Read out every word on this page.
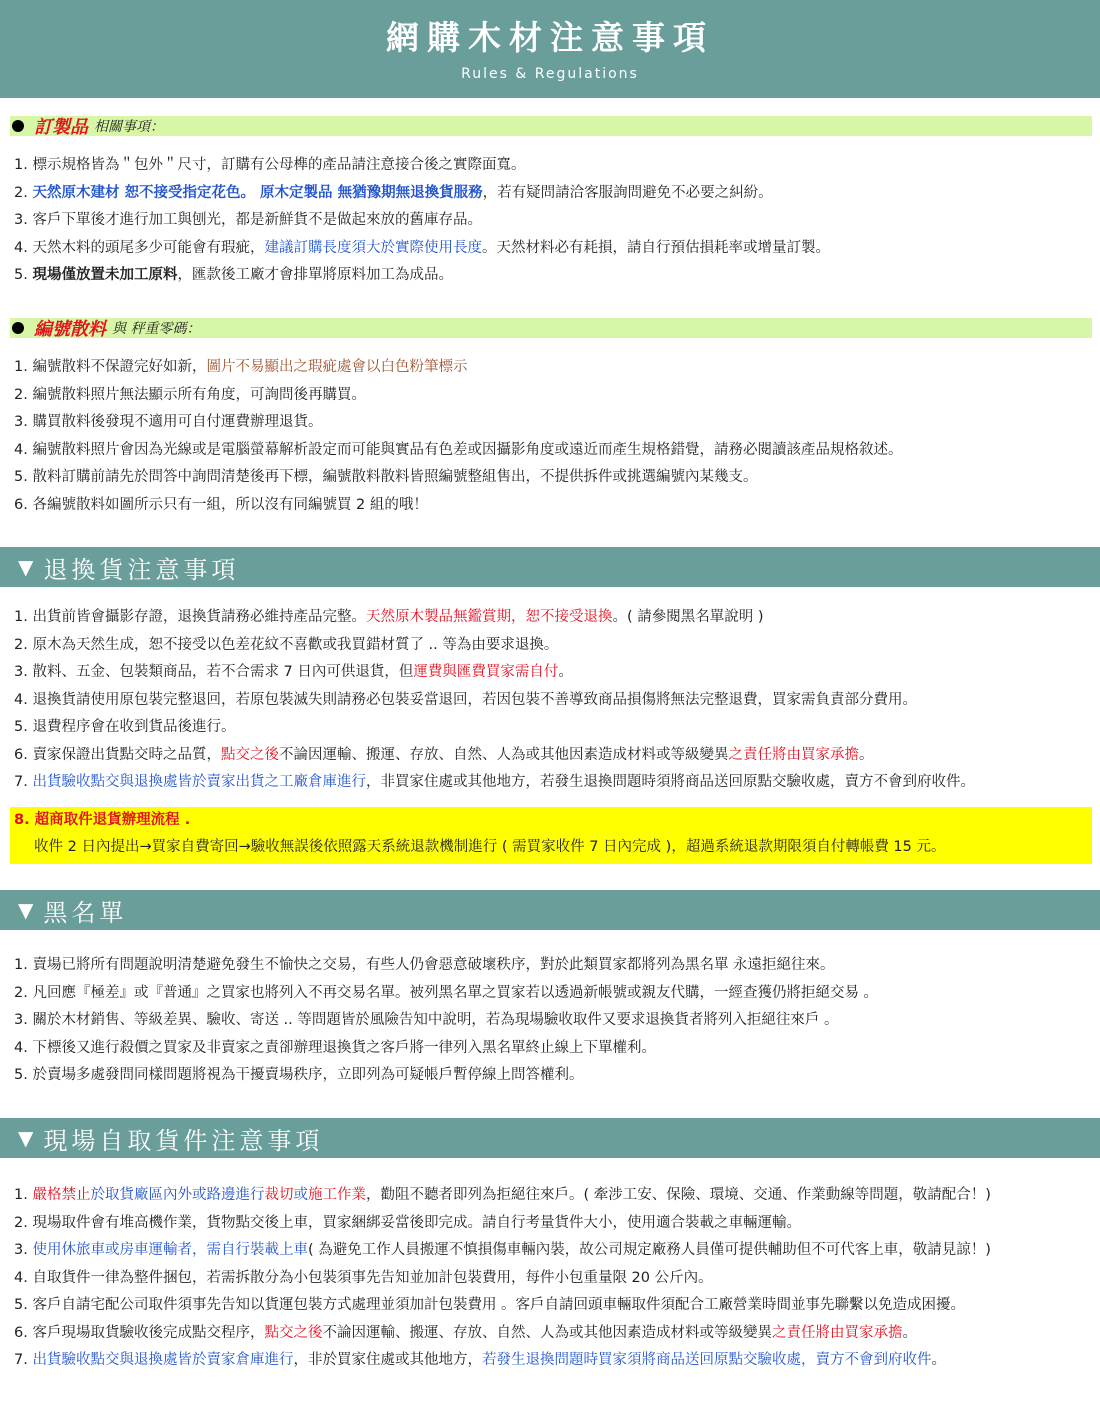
網購木材注意事項
Rules & Regulations
訂製品 相關事項：
1. 標示規格皆為＂包外＂尺寸，訂購有公母榫的產品請注意接合後之實際面寬。
2. 天然原木建材 恕不接受指定花色。 原木定製品 無猶豫期無退換貨服務，若有疑問請洽客服詢問避免不必要之糾紛。
3. 客戶下單後才進行加工與刨光，都是新鮮貨不是做起來放的舊庫存品。
4. 天然木料的頭尾多少可能會有瑕疵，建議訂購長度須大於實際使用長度。天然材料必有耗損，請自行預估損耗率或增量訂製。
5. 現場僅放置未加工原料，匯款後工廠才會排單將原料加工為成品。
編號散料 與 秤重零碼：
1. 編號散料不保證完好如新，圖片不易顯出之瑕疵處會以白色粉筆標示
2. 編號散料照片無法顯示所有角度，可詢問後再購買。
3. 購買散料後發現不適用可自付運費辦理退貨。
4. 編號散料照片會因為光線或是電腦螢幕解析設定而可能與實品有色差或因攝影角度或遠近而產生規格錯覺，請務必閱讀該產品規格敘述。
5. 散料訂購前請先於問答中詢問清楚後再下標，編號散料散料皆照編號整組售出，不提供拆件或挑選編號內某幾支。
6. 各編號散料如圖所示只有一組，所以沒有同編號買 2 組的哦！
▼ 退換貨注意事項
1. 出貨前皆會攝影存證，退換貨請務必維持產品完整。天然原木製品無鑑賞期，恕不接受退換。( 請參閱黑名單說明 )
2. 原木為天然生成，恕不接受以色差花紋不喜歡或我買錯材質了 .. 等為由要求退換。
3. 散料、五金、包裝類商品，若不合需求 7 日內可供退貨，但運費與匯費買家需自付。
4. 退換貨請使用原包裝完整退回，若原包裝滅失則請務必包裝妥當退回，若因包裝不善導致商品損傷將無法完整退費，買家需負責部分費用。
5. 退費程序會在收到貨品後進行。
6. 賣家保證出貨點交時之品質，點交之後不論因運輸、搬運、存放、自然、人為或其他因素造成材料或等級變異之責任將由買家承擔。
7. 出貨驗收點交與退換處皆於賣家出貨之工廠倉庫進行，非買家住處或其他地方，若發生退換問題時須將商品送回原點交驗收處，賣方不會到府收件。
8. 超商取件退貨辦理流程 .
收件 2 日內提出→買家自費寄回→驗收無誤後依照露天系統退款機制進行 ( 需買家收件 7 日內完成 )，超過系統退款期限須自付轉帳費 15 元。
▼ 黑名單
1. 賣場已將所有問題說明清楚避免發生不愉快之交易，有些人仍會惡意破壞秩序，對於此類買家都將列為黑名單 永遠拒絕往來。
2. 凡回應『極差』或『普通』之買家也將列入不再交易名單。被列黑名單之買家若以透過新帳號或親友代購，一經查獲仍將拒絕交易 。
3. 關於木材銷售、等級差異、驗收、寄送 .. 等問題皆於風險告知中說明，若為現場驗收取件又要求退換貨者將列入拒絕往來戶 。
4. 下標後又進行殺價之買家及非賣家之責卻辦理退換貨之客戶將一律列入黑名單終止線上下單權利。
5. 於賣場多處發問同樣問題將視為干擾賣場秩序，立即列為可疑帳戶暫停線上問答權利。
▼ 現場自取貨件注意事項
1. 嚴格禁止於取貨廠區內外或路邊進行裁切或施工作業，勸阻不聽者即列為拒絕往來戶。( 牽涉工安、保險、環境、交通、作業動線等問題，敬請配合！)
2. 現場取件會有堆高機作業，貨物點交後上車，買家綑綁妥當後即完成。請自行考量貨件大小，使用適合裝載之車輛運輸。
3. 使用休旅車或房車運輸者，需自行裝載上車( 為避免工作人員搬運不慎損傷車輛內裝，故公司規定廠務人員僅可提供輔助但不可代客上車，敬請見諒！)
4. 自取貨件一律為整件捆包，若需拆散分為小包裝須事先告知並加計包裝費用，每件小包重量限 20 公斤內。
5. 客戶自請宅配公司取件須事先告知以貨運包裝方式處理並須加計包裝費用 。客戶自請回頭車輛取件須配合工廠營業時間並事先聯繫以免造成困擾。
6. 客戶現場取貨驗收後完成點交程序，點交之後不論因運輸、搬運、存放、自然、人為或其他因素造成材料或等級變異之責任將由買家承擔。
7. 出貨驗收點交與退換處皆於賣家倉庫進行，非於買家住處或其他地方，若發生退換問題時買家須將商品送回原點交驗收處，賣方不會到府收件。
